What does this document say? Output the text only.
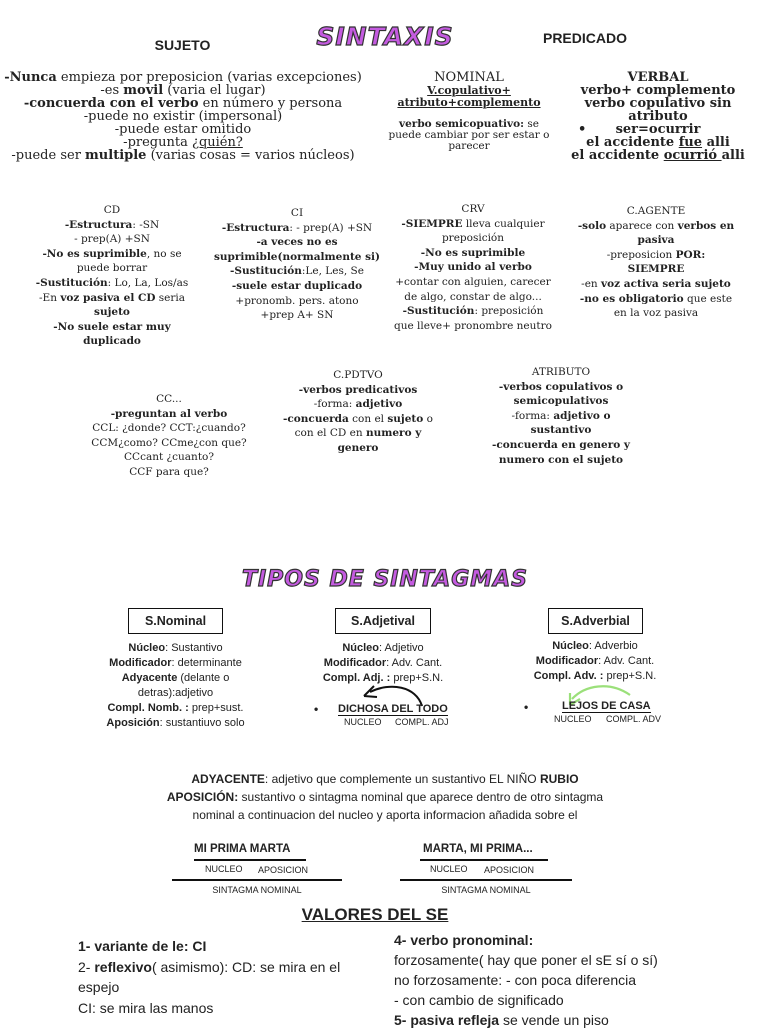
SINTAXIS
SUJETO
-Nunca empieza por preposicion (varias excepciones)
-es movil (varia el lugar)
-concuerda con el verbo en número y persona
-puede no existir (impersonal)
-puede estar omitido
-pregunta ¿quién?
-puede ser multiple (varias cosas = varios núcleos)
PREDICADO
NOMINAL
V.copulativo+
atributo+complemento
verbo semicopuativo: se
puede cambiar por ser estar o
parecer
VERBAL
verbo+ complemento
verbo copulativo sin
atributo
• ser=ocurrir
el accidente fue alli
el accidente ocurrió alli
CD
-Estructura: -SN
- prep(A) +SN
-No es suprimible, no se
puede borrar
-Sustitución: Lo, La, Los/as
-En voz pasiva el CD seria
sujeto
-No suele estar muy
duplicado
CI
-Estructura: - prep(A) +SN
-a veces no es
suprimible(normalmente si)
-Sustitución:Le, Les, Se
-suele estar duplicado
+pronomb. pers. atono
+prep A+ SN
CRV
-SIEMPRE lleva cualquier
preposición
-No es suprimible
-Muy unido al verbo
+contar con alguien, carecer
de algo, constar de algo...
-Sustitución: preposición
que lleve+ pronombre neutro
C.AGENTE
-solo aparece con verbos en
pasiva
-preposicion POR:
SIEMPRE
-en voz activa seria sujeto
-no es obligatorio que este
en la voz pasiva
CC...
-preguntan al verbo
CCL: ¿donde? CCT:¿cuando?
CCM¿como? CCme¿con que?
CCcant ¿cuanto?
CCF para que?
C.PDTVO
-verbos predicativos
-forma: adjetivo
-concuerda con el sujeto o
con el CD en numero y
genero
ATRIBUTO
-verbos copulativos o
semicopulativos
-forma: adjetivo o
sustantivo
-concuerda en genero y
numero con el sujeto
TIPOS DE SINTAGMAS
S.Nominal
Núcleo: Sustantivo
Modificador: determinante
Adyacente (delante o
detras):adjetivo
Compl. Nomb. : prep+sust.
Aposición: sustantiuvo solo
S.Adjetival
Núcleo: Adjetivo
Modificador: Adv. Cant.
Compl. Adj. : prep+S.N.
• DICHOSA DEL TODO
NUCLEO COMPL. ADJ
S.Adverbial
Núcleo: Adverbio
Modificador: Adv. Cant.
Compl. Adv. : prep+S.N.
•	LEJOS DE CASA
NUCLEO COMPL. ADV
ADYACENTE: adjetivo que complemente un sustantivo EL NIÑO RUBIO
APOSICIÓN: sustantivo o sintagma nominal que aparece dentro de otro sintagma
nominal a continuacion del nucleo y aporta informacion añadida sobre el
MI PRIMA MARTA
NUCLEO APOSICION
SINTAGMA NOMINAL
MARTA, MI PRIMA...
NUCLEO APOSICION
SINTAGMA NOMINAL
VALORES DEL SE
1- variante de le: CI
2- reflexivo( asimismo): CD: se mira en el
espejo
CI: se mira las manos
4- verbo pronominal:
forzosamente( hay que poner el sE sí o sí)
no forzosamente: - con poca diferencia
- con cambio de significado
5- pasiva refleja se vende un piso
